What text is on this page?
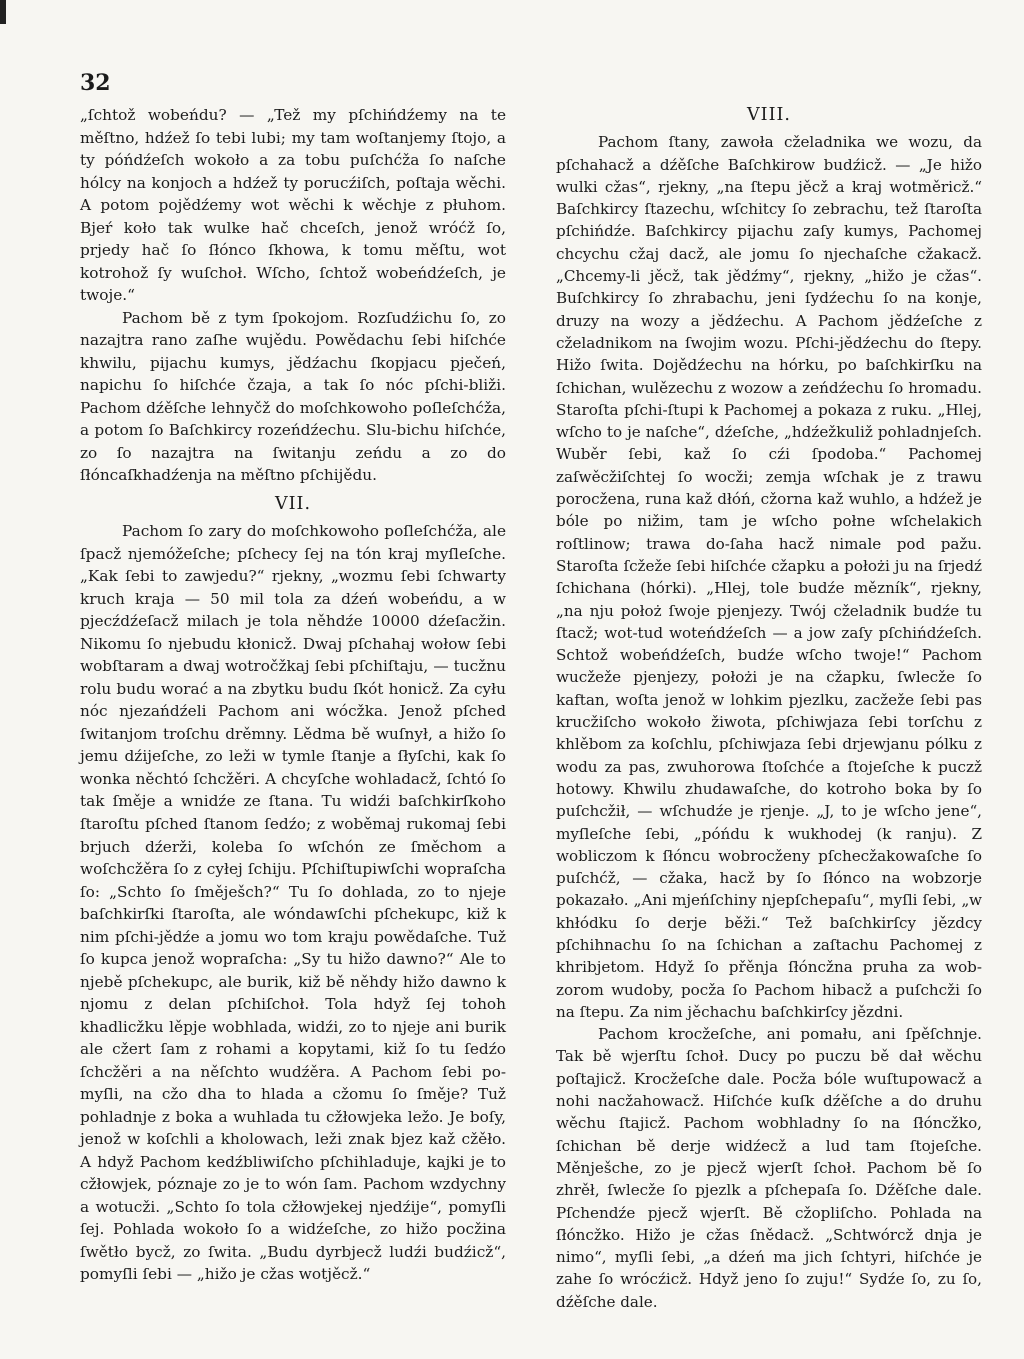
32

„ſchtož wobeńdu? — „Tež my pſchińdźemy na te měſtno, hdźež ſo tebi lubi; my tam woſtanjemy ſtojo, a ty póńdźeſch wokoło a za tobu puſchćža ſo naſche hólcy na konjoch a hdźež ty porucźiſch, poſtaja wěchi. A potom pojědźemy wot wěchi k wěchje z płuhom. Bjeŕ koło tak wulke hač chceſch, jenož wróćž ſo, prjedy hač ſo ſłónco ſkhowa, k tomu měſtu, wot kotrohož ſy wuſchoł. Wſcho, ſchtož wobeńdźeſch, je twoje.“

Pachom bě z tym ſpokojom. Rozſudźichu ſo, zo nazajtra rano zaſhe wujědu. Powědachu ſebi hiſchće khwilu, pijachu kumys, jědźachu ſkopjacu pječeń, napichu ſo hiſchće čzaja, a tak ſo nóc pſchi-bliži. Pachom dźěſche lehnyčž do moſchkowoho poſleſchćža, a potom ſo Baſchkircy rozeńdźechu. Slu-bichu hiſchće, zo ſo nazajtra na ſwitanju zeńdu a zo do ſłóncaſkhadźenja na měſtno pſchijědu.

VII.

Pachom ſo zary do moſchkowoho poſleſchćža, ale ſpacž njemóžeſche; pſchecy ſej na tón kraj myſleſche. „Kak ſebi to zawjedu?“ rjekny, „wozmu ſebi ſchwarty kruch kraja — 50 mil tola za dźeń wobeńdu, a w pjecźdźeſacž milach je tola něhdźe 10000 dźeſacžin. Nikomu ſo njebudu kłonicž. Dwaj pſchahaj wołow ſebi wobſtaram a dwaj wotročžkaj ſebi pſchiſtaju, — tucžnu rolu budu worać a na zbytku budu ſkót honicž. Za cyłu nóc njezańdźeli Pachom ani wócžka. Jenož pſched ſwitanjom troſchu drěmny. Lědma bě wuſnył, a hižo ſo jemu dźijeſche, zo leži w tymle ſtanje a ſłyſchi, kak ſo wonka něchtó ſchcžěri. A chcyſche wohladacž, ſchtó ſo tak ſměje a wnidźe ze ſtana. Tu widźi baſchkirſkoho ſtaroſtu pſched ſtanom ſedźo; z woběmaj rukomaj ſebi brjuch dźerži, koleba ſo wſchón ze ſměchom a woſchcžěra ſo z cyłej ſchiju. Pſchiſtupiwſchi wopraſcha ſo: „Schto ſo ſměješch?“ Tu ſo dohlada, zo to njeje baſchkirſki ſtaroſta, ale wóndawſchi pſchekupc, kiž k nim pſchi-jědźe a jomu wo tom kraju powědaſche. Tuž ſo kupca jenož wopraſcha: „Sy tu hižo dawno?“ Ale to njebě pſchekupc, ale burik, kiž bě něhdy hižo dawno k njomu z delan pſchiſchoł. Tola hdyž ſej tohoh khadlicžku lěpje wobhlada, widźi, zo to njeje ani burik ale cžert ſam z rohami a kopytami, kiž ſo tu ſedźo ſchcžěri a na něſchto wudźěra. A Pachom ſebi po-myſli, na cžo dha to hlada a cžomu ſo ſměje? Tuž pohladnje z boka a wuhlada tu cžłowjeka ležo. Je boſy, jenož w koſchli a kholowach, leži znak bjez kaž cžěło. A hdyž Pachom kedźbliwiſcho pſchihladuje, kajki je to cžłowjek, póznaje zo je to wón ſam. Pachom wzdychny a wotucži. „Schto ſo tola cžłowjekej njedźije“, pomyſli ſej. Pohlada wokoło ſo a widźeſche, zo hižo pocžina ſwětło bycž, zo ſwita. „Budu dyrbjecž ludźi budźicž“, pomyſli ſebi — „hižo je cžas wotjěcž.“

VIII.

Pachom ſtany, zawoła cželadnika we wozu, da pſchahacž a dźěſche Baſchkirow budźicž. — „Je hižo wulki cžas“, rjekny, „na ſtepu jěcž a kraj wotměricž.“ Baſchkircy ſtazechu, wſchitcy ſo zebrachu, tež ſtaroſta pſchińdźe. Baſchkircy pijachu zaſy kumys, Pachomej chcychu cžaj dacž, ale jomu ſo njechaſche cžakacž. „Chcemy-li jěcž, tak jědźmy“, rjekny, „hižo je cžas“. Buſchkircy ſo zhrabachu, jeni ſydźechu ſo na konje, druzy na wozy a jědźechu. A Pachom jědźeſche z cželadnikom na ſwojim wozu. Pſchi-jědźechu do ſtepy. Hižo ſwita. Dojědźechu na hórku, po baſchkirſku na ſchichan, wulězechu z wozow a zeńdźechu ſo hromadu. Staroſta pſchi-ſtupi k Pachomej a pokaza z ruku. „Hlej, wſcho to je naſche“, dźeſche, „hdźežkuliž pohladnjeſch. Wuběr ſebi, kaž ſo cźi ſpodoba.“ Pachomej zaſwěcžiſchtej ſo wocži; zemja wſchak je z trawu porocžena, runa kaž dłóń, cžorna kaž wuhlo, a hdźež je bóle po nižim, tam je wſcho połne wſchelakich roſtlinow; trawa do-ſaha hacž nimale pod pažu. Staroſta ſcžeže ſebi hiſchće cžapku a położi ju na ſrjedź ſchichana (hórki). „Hlej, tole budźe mězník“, rjekny, „na nju położ ſwoje pjenjezy. Twój cželadnik budźe tu ſtacž; wot-tud woteńdźeſch — a jow zaſy pſchińdźeſch. Schtož wobeńdźeſch, budźe wſcho twoje!“ Pachom wucžeže pjenjezy, położi je na cžapku, ſwlecže ſo kaftan, woſta jenož w lohkim pjezlku, zacžeže ſebi pas krucžiſcho wokoło žiwota, pſchiwjaza ſebi torſchu z khlěbom za koſchlu, pſchiwjaza ſebi drjewjanu pólku z wodu za pas, zwuhorowa ſtoſchće a ſtojeſche k puczž hotowy. Khwilu zhudawaſche, do kotroho boka by ſo puſchcžił, — wſchudźe je rjenje. „J, to je wſcho jene“, myſleſche ſebi, „póńdu k wukhodej (k ranju). Z wobliczom k ſłóncu wobrocženy pſchecžakowaſche ſo puſchćž, — cžaka, hacž by ſo ſłónco na wobzorje pokazało. „Ani mjeńſchiny njepſchepaſu“, myſli ſebi, „w khłódku ſo derje běži.“ Tež baſchkirſcy jězdcy pſchihnachu ſo na ſchichan a zaſtachu Pachomej z khribjetom. Hdyž ſo přěnja ſłóncžna pruha za wob-zorom wudoby, pocža ſo Pachom hibacž a puſchcži ſo na ſtepu. Za nim jěchachu baſchkirſcy jězdni.

Pachom krocžeſche, ani pomału, ani ſpěſchnje. Tak bě wjerſtu ſchoł. Ducy po puczu bě dał wěchu poſtajicž. Krocžeſche dale. Pocža bóle wuſtupowacž a nohi nacžahowacž. Hiſchće kuſk dźěſche a do druhu wěchu ſtajicž. Pachom wobhladny ſo na ſłóncžko, ſchichan bě derje widźecž a lud tam ſtojeſche. Měnješche, zo je pjecž wjerſt ſchoł. Pachom bě ſo zhrěł, ſwlecže ſo pjezlk a pſchepaſa ſo. Dźěſche dale. Pſchendźe pjecž wjerſt. Bě cžopliſcho. Pohlada na ſłóncžko. Hižo je cžas ſnědacž. „Schtwórcž dnja je nimo“, myſli ſebi, „a dźeń ma jich ſchtyri, hiſchće je zahe ſo wrócźicž. Hdyž jeno ſo zuju!“ Sydźe ſo, zu ſo, dźěſche dale.
